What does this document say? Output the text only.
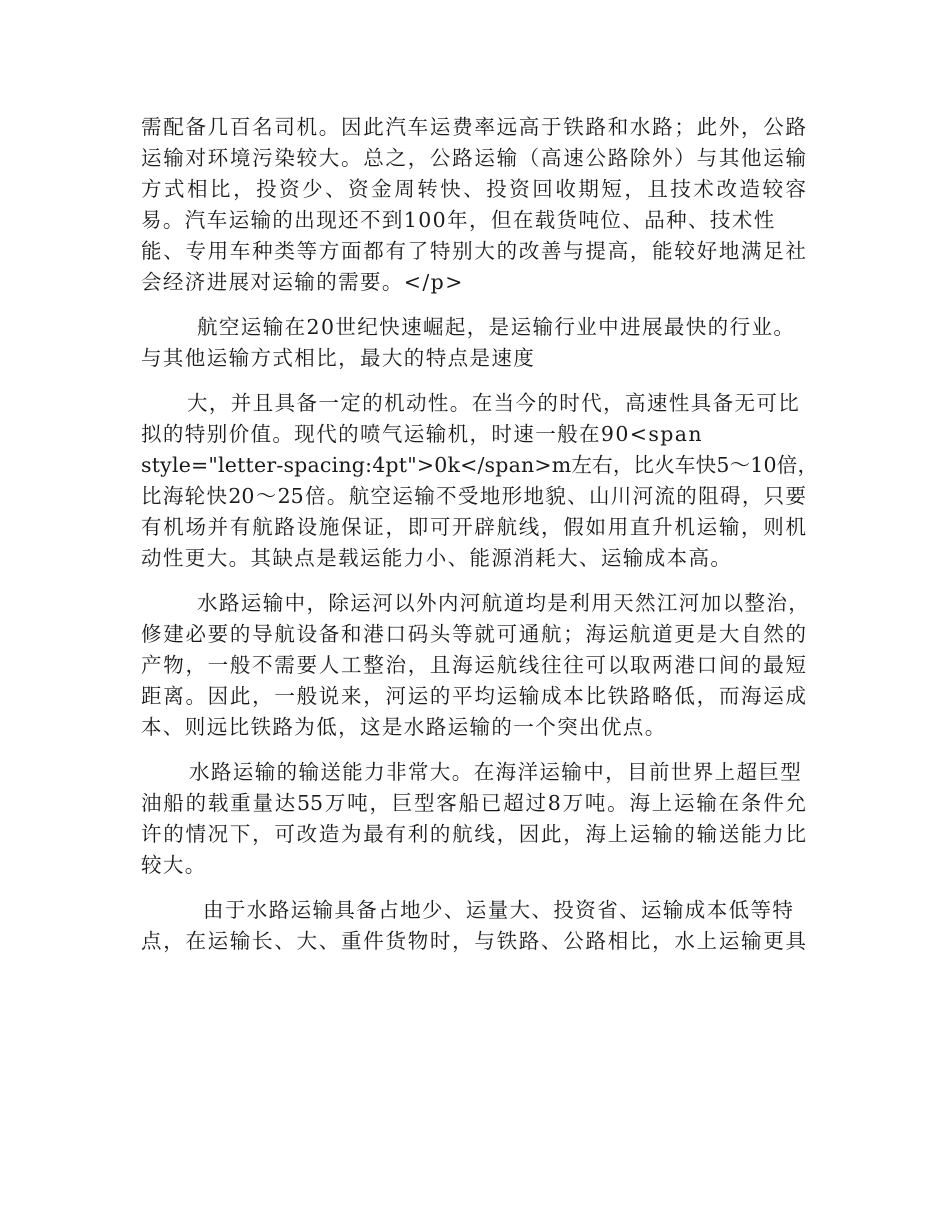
需配备几百名司机。因此汽车运费率远高于铁路和水路；此外，公路
运输对环境污染较大。总之，公路运输（高速公路除外）与其他运输
方式相比，投资少、资金周转快、投资回收期短，且技术改造较容
易。汽车运输的出现还不到100年，但在载货吨位、品种、技术性
能、专用车种类等方面都有了特别大的改善与提高，能较好地满足社
会经济进展对运输的需要。</p>
航空运输在20世纪快速崛起，是运输行业中进展最快的行业。
与其他运输方式相比，最大的特点是速度
大，并且具备一定的机动性。在当今的时代，高速性具备无可比
拟的特别价值。现代的喷气运输机，时速一般在90<span
style="letter-spacing:4pt">0k</span>m左右，比火车快5～10倍，
比海轮快20～25倍。航空运输不受地形地貌、山川河流的阻碍，只要
有机场并有航路设施保证，即可开辟航线，假如用直升机运输，则机
动性更大。其缺点是载运能力小、能源消耗大、运输成本高。
水路运输中，除运河以外内河航道均是利用天然江河加以整治，
修建必要的导航设备和港口码头等就可通航；海运航道更是大自然的
产物，一般不需要人工整治，且海运航线往往可以取两港口间的最短
距离。因此，一般说来，河运的平均运输成本比铁路略低，而海运成
本、则远比铁路为低，这是水路运输的一个突出优点。
水路运输的输送能力非常大。在海洋运输中，目前世界上超巨型
油船的载重量达55万吨，巨型客船已超过8万吨。海上运输在条件允
许的情况下，可改造为最有利的航线，因此，海上运输的输送能力比
较大。
由于水路运输具备占地少、运量大、投资省、运输成本低等特
点，在运输长、大、重件货物时，与铁路、公路相比，水上运输更具
